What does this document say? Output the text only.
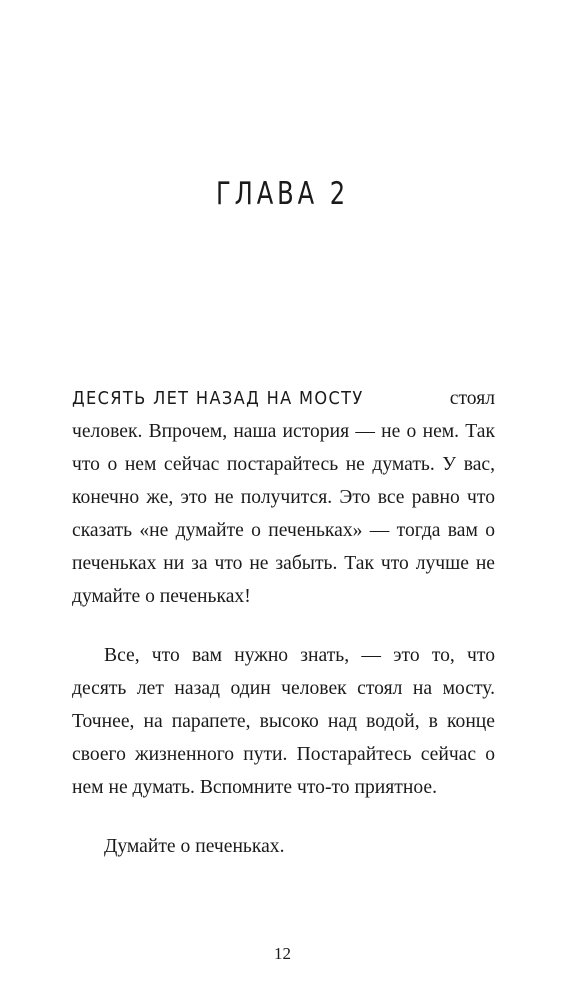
ГЛАВА 2

ДЕСЯТЬ ЛЕТ НАЗАД НА МОСТУ стоял человек. Впрочем, наша история — не о нем. Так что о нем сейчас постарайтесь не думать. У вас, конечно же, это не получится. Это все равно что сказать «не думайте о печеньках» — тогда вам о печеньках ни за что не забыть. Так что лучше не думайте о печеньках!

Все, что вам нужно знать, — это то, что десять лет назад один человек стоял на мосту. Точнее, на парапете, высоко над водой, в конце своего жизненного пути. Постарайтесь сейчас о нем не думать. Вспомните что-то приятное.

Думайте о печеньках.

12
